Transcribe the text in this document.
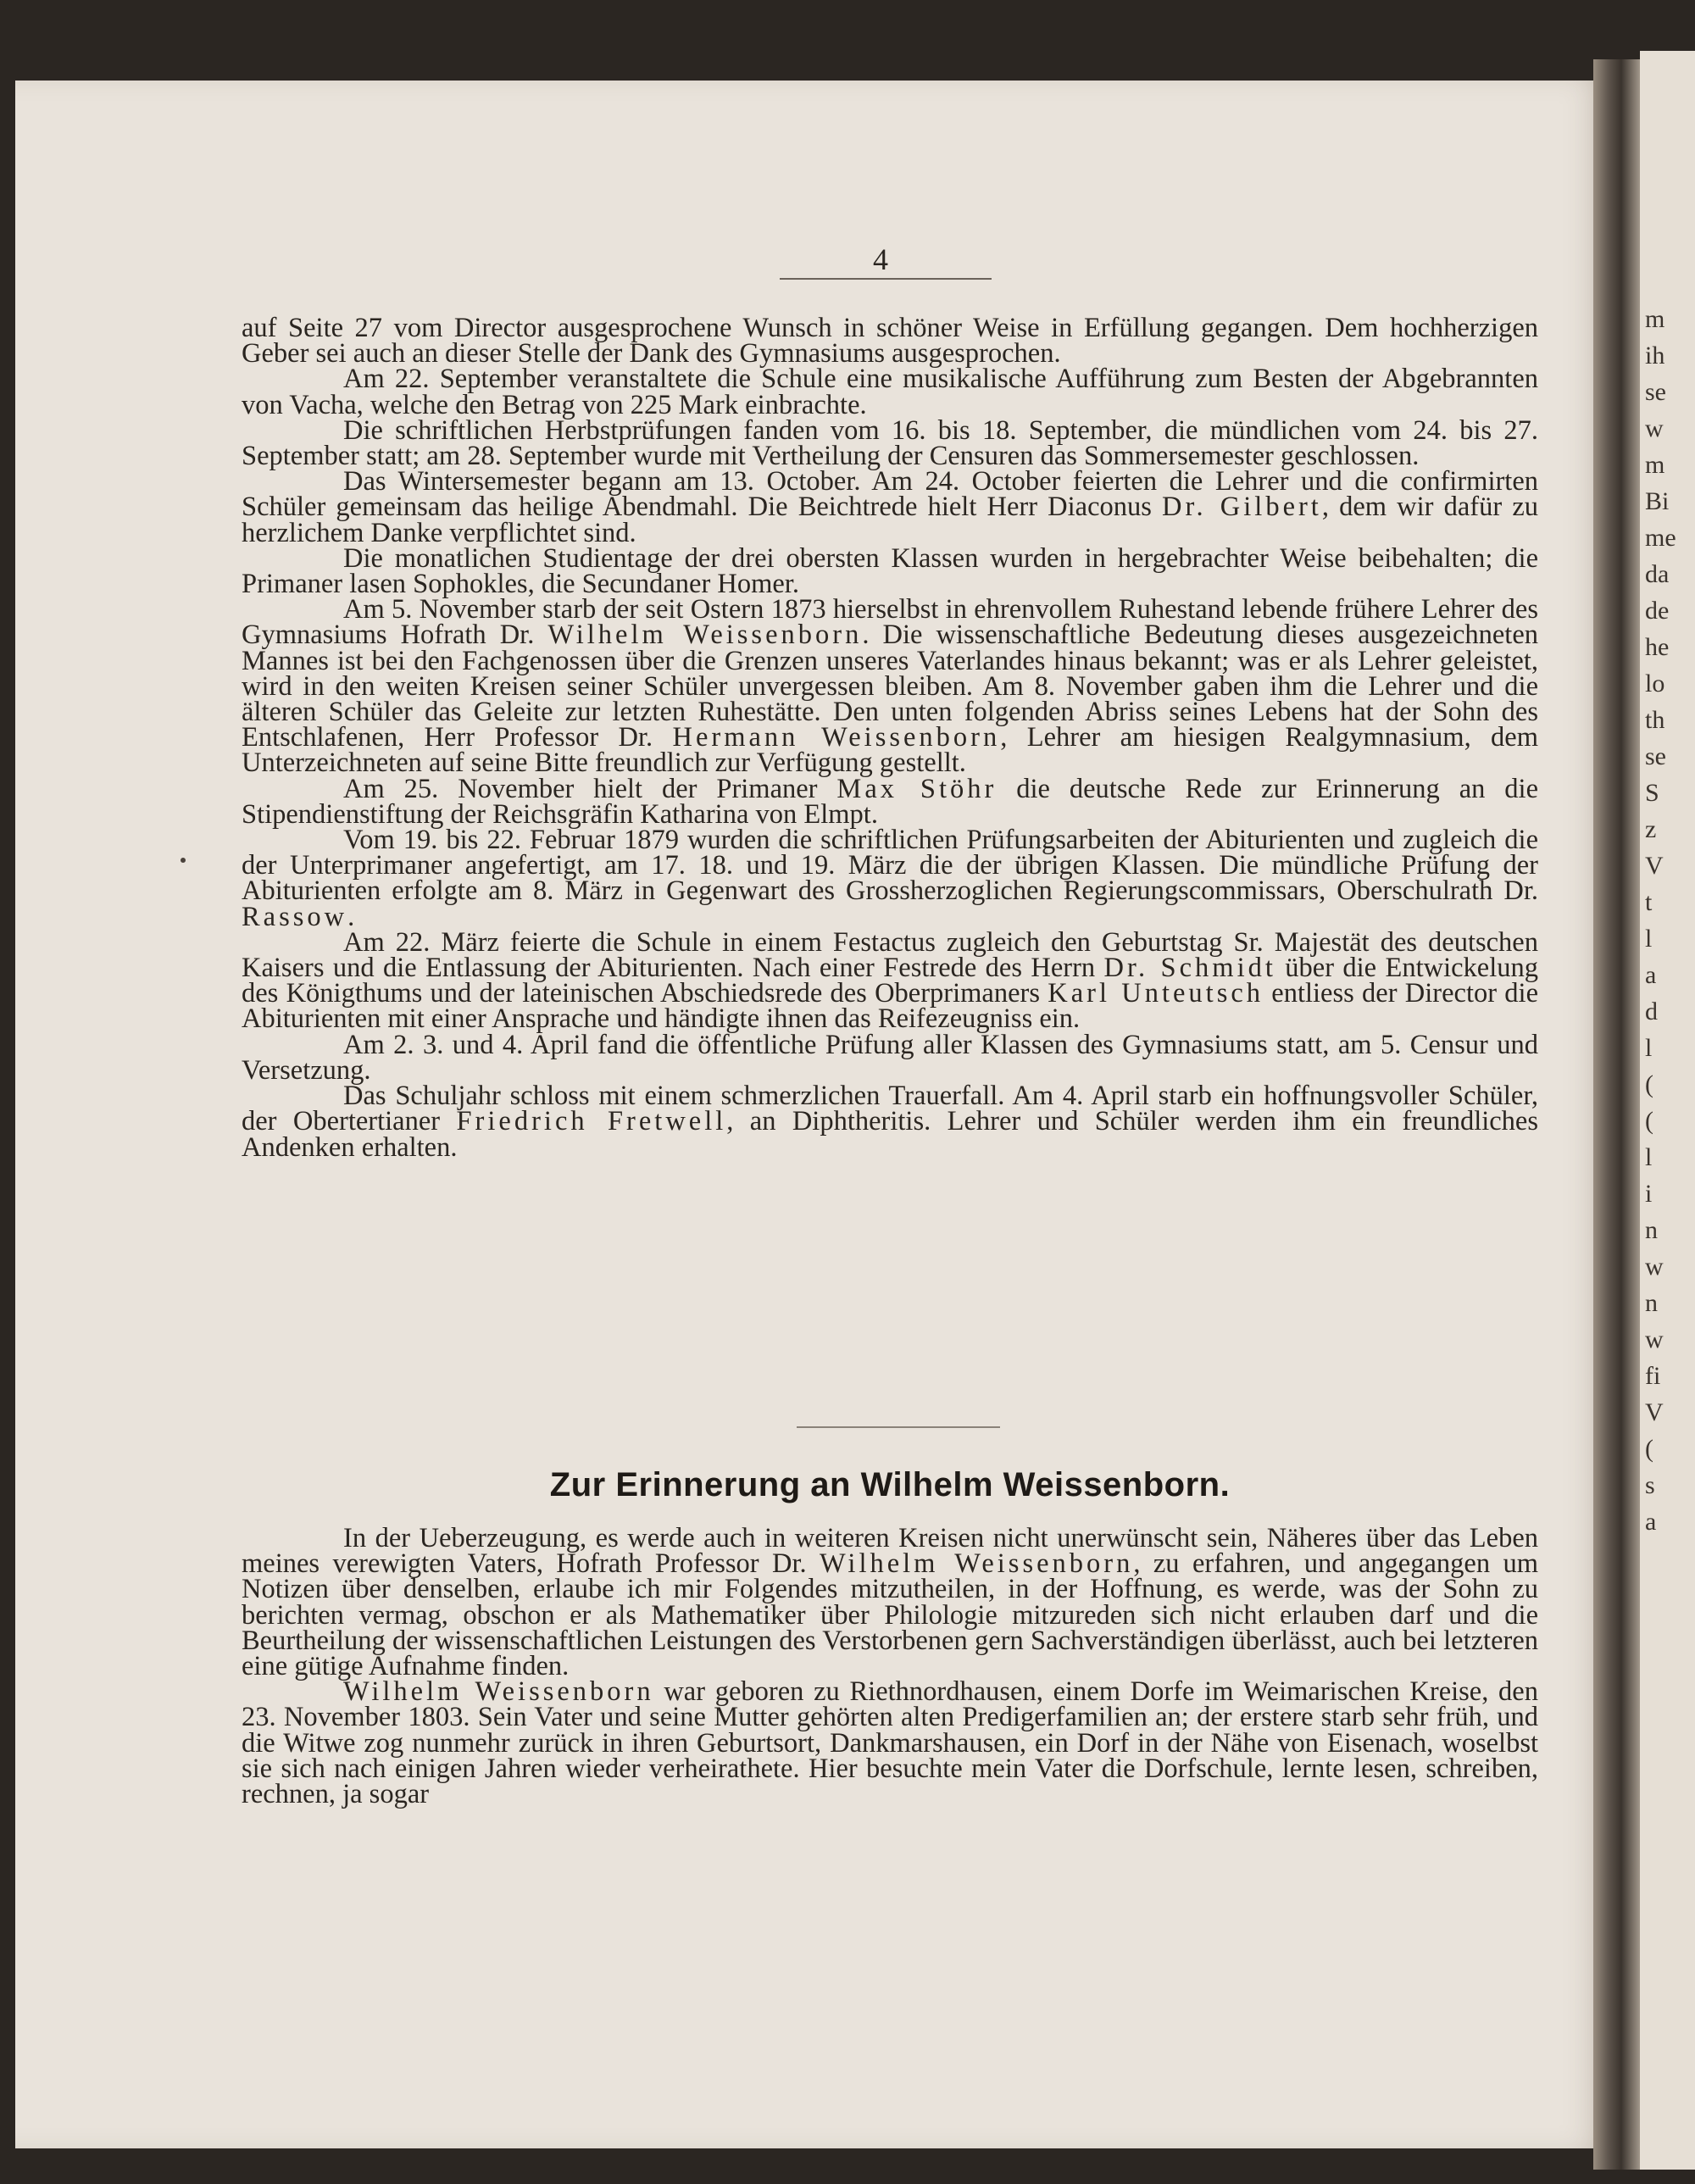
m
ih
se
w
m
Bi
me
da
de
he
lo
th
se
S
z
V
t
l
a
d
l
(
(
l
i
n
w
n
w
fi
V
(
s
a
4

auf Seite 27 vom Director ausgesprochene Wunsch in schöner Weise in Erfüllung gegangen. Dem hochherzigen Geber sei auch an dieser Stelle der Dank des Gymnasiums ausgesprochen.

Am 22. September veranstaltete die Schule eine musikalische Aufführung zum Besten der Abgebrannten von Vacha, welche den Betrag von 225 Mark einbrachte.

Die schriftlichen Herbstprüfungen fanden vom 16. bis 18. September, die mündlichen vom 24. bis 27. September statt; am 28. September wurde mit Vertheilung der Censuren das Sommersemester geschlossen.

Das Wintersemester begann am 13. October. Am 24. October feierten die Lehrer und die confirmirten Schüler gemeinsam das heilige Abendmahl. Die Beichtrede hielt Herr Diaconus Dr. Gilbert, dem wir dafür zu herzlichem Danke verpflichtet sind.

Die monatlichen Studientage der drei obersten Klassen wurden in hergebrachter Weise beibehalten; die Primaner lasen Sophokles, die Secundaner Homer.

Am 5. November starb der seit Ostern 1873 hierselbst in ehrenvollem Ruhestand lebende frühere Lehrer des Gymnasiums Hofrath Dr. Wilhelm Weissenborn. Die wissenschaftliche Bedeutung dieses ausgezeichneten Mannes ist bei den Fachgenossen über die Grenzen unseres Vaterlandes hinaus bekannt; was er als Lehrer geleistet, wird in den weiten Kreisen seiner Schüler unvergessen bleiben. Am 8. November gaben ihm die Lehrer und die älteren Schüler das Geleite zur letzten Ruhestätte. Den unten folgenden Abriss seines Lebens hat der Sohn des Entschlafenen, Herr Professor Dr. Hermann Weissenborn, Lehrer am hiesigen Realgymnasium, dem Unterzeichneten auf seine Bitte freundlich zur Verfügung gestellt.

Am 25. November hielt der Primaner Max Stöhr die deutsche Rede zur Erinnerung an die Stipendienstiftung der Reichsgräfin Katharina von Elmpt.

Vom 19. bis 22. Februar 1879 wurden die schriftlichen Prüfungsarbeiten der Abiturienten und zugleich die der Unterprimaner angefertigt, am 17. 18. und 19. März die der übrigen Klassen. Die mündliche Prüfung der Abiturienten erfolgte am 8. März in Gegenwart des Grossherzoglichen Regierungscommissars, Oberschulrath Dr. Rassow.

Am 22. März feierte die Schule in einem Festactus zugleich den Geburtstag Sr. Majestät des deutschen Kaisers und die Entlassung der Abiturienten. Nach einer Festrede des Herrn Dr. Schmidt über die Entwickelung des Königthums und der lateinischen Abschiedsrede des Oberprimaners Karl Unteutsch entliess der Director die Abiturienten mit einer Ansprache und händigte ihnen das Reifezeugniss ein.

Am 2. 3. und 4. April fand die öffentliche Prüfung aller Klassen des Gymnasiums statt, am 5. Censur und Versetzung.

Das Schuljahr schloss mit einem schmerzlichen Trauerfall. Am 4. April starb ein hoffnungsvoller Schüler, der Obertertianer Friedrich Fretwell, an Diphtheritis. Lehrer und Schüler werden ihm ein freundliches Andenken erhalten.

Zur Erinnerung an Wilhelm Weissenborn.

In der Ueberzeugung, es werde auch in weiteren Kreisen nicht unerwünscht sein, Näheres über das Leben meines verewigten Vaters, Hofrath Professor Dr. Wilhelm Weissenborn, zu erfahren, und angegangen um Notizen über denselben, erlaube ich mir Folgendes mitzutheilen, in der Hoffnung, es werde, was der Sohn zu berichten vermag, obschon er als Mathematiker über Philologie mitzureden sich nicht erlauben darf und die Beurtheilung der wissenschaftlichen Leistungen des Verstorbenen gern Sachverständigen überlässt, auch bei letzteren eine gütige Aufnahme finden.

Wilhelm Weissenborn war geboren zu Riethnordhausen, einem Dorfe im Weimarischen Kreise, den 23. November 1803. Sein Vater und seine Mutter gehörten alten Predigerfamilien an; der erstere starb sehr früh, und die Witwe zog nunmehr zurück in ihren Geburtsort, Dankmarshausen, ein Dorf in der Nähe von Eisenach, woselbst sie sich nach einigen Jahren wieder verheirathete. Hier besuchte mein Vater die Dorfschule, lernte lesen, schreiben, rechnen, ja sogar
